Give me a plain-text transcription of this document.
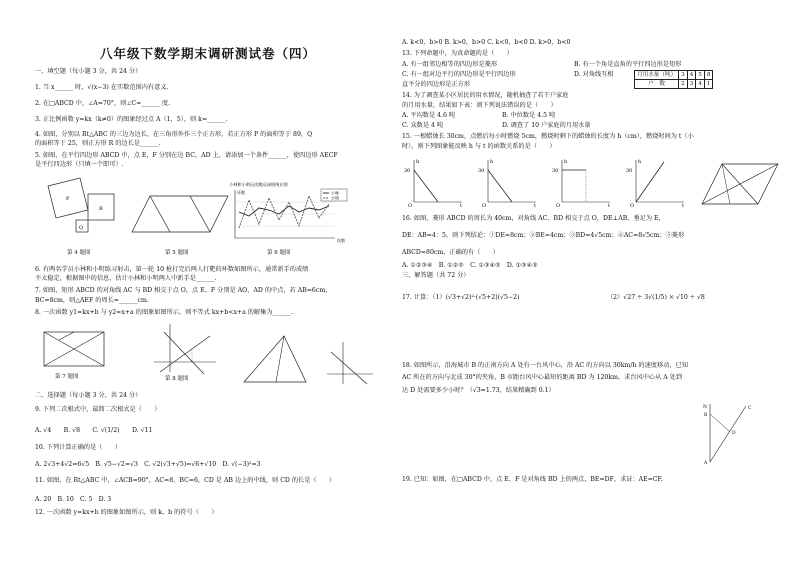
八年级下数学期末调研测试卷（四）
一、填空题（每小题 3 分，共 24 分）
1. 当 x______ 时，√(x−3) 在实数范围内有意义.
2. 在□ABCD 中，∠A=70°，则∠C=______ 度.
3. 正比例函数 y=kx（k≠0）的图象经过点 A（1，5），则 k=______.
4. 如图，分别以 Rt△ABC 的三边为边长，在三角形外作三个正方形，若正方形 P 的面积等于 89，Q
的面积等于 25，则正方形 R 的边长是______.
5. 如图，在平行四边形 ABCD 中，点 E，F 分别在边 BC，AD 上，请添加一个条件______，使四边形 AECF
是平行四边形（只填一个即可）.
P
R
Q
第 4 题图	第 5 题图
小林和小明历次跳远成绩统计图
小林
小明
次数
环数
第 6 题图
6. 有两名学员小林和小明练习射击，第一轮 10 枪打完后两人打靶的环数如图所示，通常新手的成绩
不太稳定，根据图中的信息，估计小林和小明两人中新手是______.
7. 如图，矩形 ABCD 的对角线 AC 与 BD 相交于点 O，点 E、F 分别是 AO、AD 的中点，若 AB=6cm，
BC=8cm，则△AEF 的周长=______cm.
8. 一次函数 y1=kx+b 与 y2=x+a 的图象如图所示，则不等式 kx+b<x+a 的解集为______.
第 7 题图	第 8 题图
二、选择题（每小题 3 分，共 24 分）
9. 下列二次根式中，最简二次根式是（　　）
A. √4　　B. √8　　C. √(1/2)　　D. √11
10. 下列计算正确的是（　　）
A. 2√3+4√2=6√5　B. √5−√2=√3　C. √2(√3+√5)=√6+√10　D. √(−3)²=3
11. 如图，在 Rt△ABC 中，∠ACB=90°，AC=8，BC=6，CD 是 AB 边上的中线，则 CD 的长是（　　）
A. 20　B. 10　C. 5　D. 3
12. 一次函数 y=kx+b 的图象如图所示，则 k、b 的符号（　　）
A. k<0，b>0 B. k>0，b>0 C. k<0，b<0 D. k>0，b<0
13. 下列命题中，为真命题的是（　　）
A. 有一组邻边相等的四边形是菱形	B. 有一个角是直角的平行四边形是矩形
C. 有一组对边平行的四边形是平行四边形	D. 对角线互相
直平分的四边形是正方形
月用水量（吨）	3	4	5	8
户　数	2	3	4	1
14. 为了调查某小区居民的用水情况，随机抽查了若干户家庭
的月用水量，结果如下表：则下列说法错误的是（　　）
A. 平均数是 4.6 吨	B. 中位数是 4.5 吨
C. 众数是 4 吨	D. 调查了 10 户家庭的月用水量
15. 一根蜡烛长 30cm，点燃后每小时燃烧 5cm，燃烧时剩下的蜡烛的长度为 h（cm），燃烧时间为 t（小
时），则下列图象能反映 h 与 t 的函数关系的是（　　）
30
O
h
t
30
O
h
t
30
O
h
t
30
O
h
t
16. 如图，菱形 ABCD 的周长为 40cm，对角线 AC、BD 相交于点 O，DE⊥AB，垂足为 E，
DE：AB=4：5，则下列结论：①DE=8cm；②BE=4cm；③BD=4√5cm；④AC=8√5cm；⑤菱形
ABCD=80cm，正确的有（　　）
A. ①②③④　B. ①②⑤　C. ①③④⑤　D. ①③④⑤
三、解答题（共 72 分）
17. 计算：（1）(√3+√2)²·(√5+2)(√5−2)	（2）√27 ÷ 3√(1/5) × √10 ÷ √8
18. 如图所示，沿海城市 B 的正南方向 A 处有一台风中心，沿 AC 的方向以 30km/h 的速度移动，已知
AC 所在的方向与北成 30°的夹角，B 市距台风中心最短的距离 BD 为 120km，求台风中心从 A 处到
达 D 处需要多少小时？（√3≈1.73，结果精确到 0.1）
N
B
D
C
A
19. 已知：如图，在□ABCD 中，点 E、F 是对角线 BD 上的两点，BE=DF，求证：AE=CF.
